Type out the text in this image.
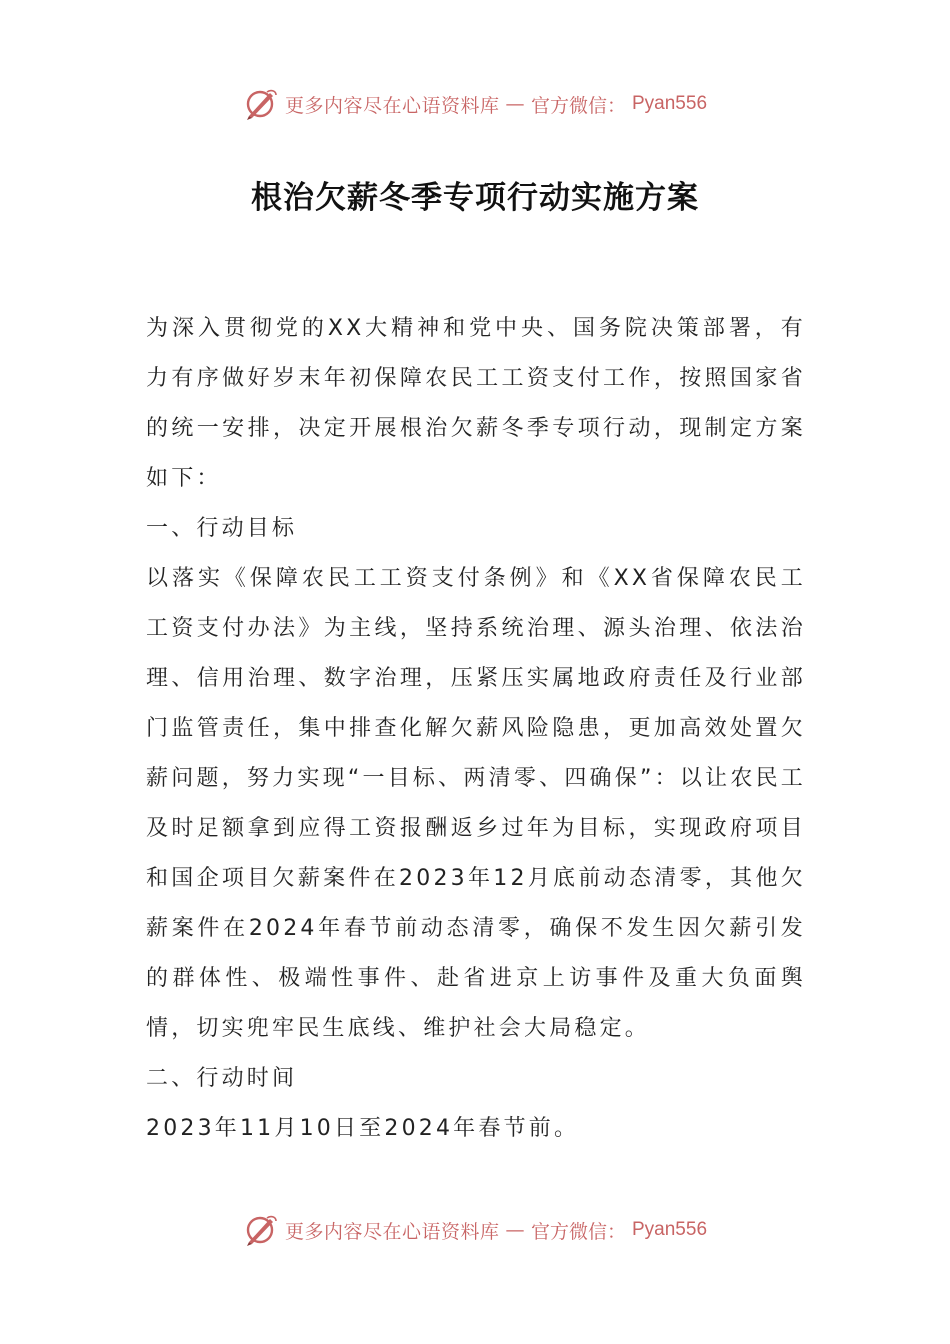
更多内容尽在心语资料库 — 官方微信： Pyan556
根治欠薪冬季专项行动实施方案

为深入贯彻党的XX大精神和党中央、国务院决策部署，有力有序做好岁末年初保障农民工工资支付工作，按照国家省的统一安排，决定开展根治欠薪冬季专项行动，现制定方案如下：

一、行动目标

以落实《保障农民工工资支付条例》和《XX省保障农民工工资支付办法》为主线，坚持系统治理、源头治理、依法治理、信用治理、数字治理，压紧压实属地政府责任及行业部门监管责任，集中排查化解欠薪风险隐患，更加高效处置欠薪问题，努力实现“一目标、两清零、四确保”：以让农民工及时足额拿到应得工资报酬返乡过年为目标，实现政府项目和国企项目欠薪案件在2023年12月底前动态清零，其他欠薪案件在2024年春节前动态清零，确保不发生因欠薪引发的群体性、极端性事件、赴省进京上访事件及重大负面舆情，切实兜牢民生底线、维护社会大局稳定。

二、行动时间

2023年11月10日至2024年春节前。

更多内容尽在心语资料库 — 官方微信： Pyan556
